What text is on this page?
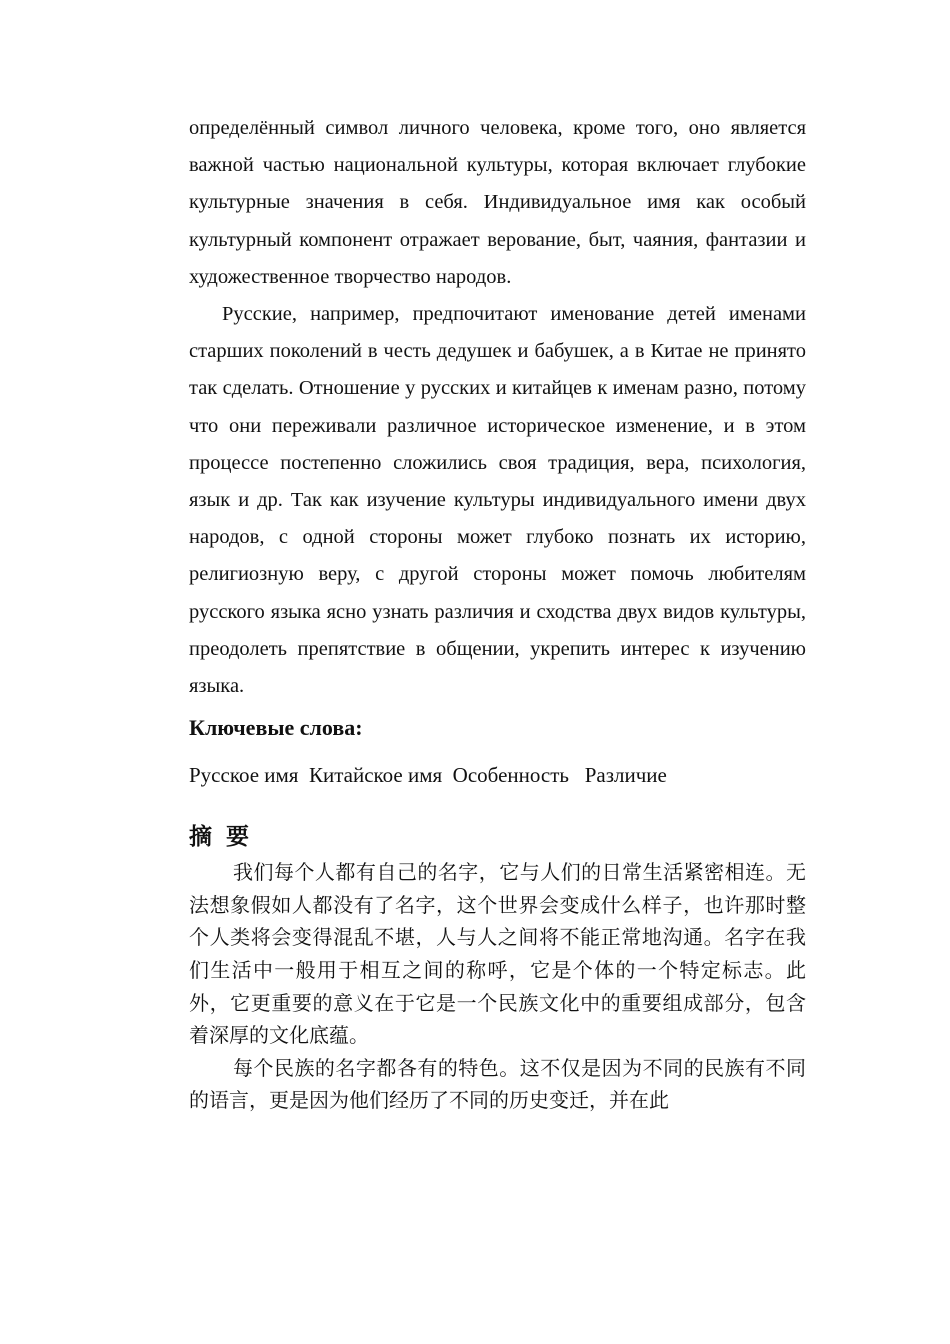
определённый символ личного человека, кроме того, оно является важной частью национальной культуры, которая включает глубокие культурные значения в себя. Индивидуальное имя как особый культурный компонент отражает верование, быт, чаяния, фантазии и художественное творчество народов.

Русские, например, предпочитают именование детей именами старших поколений в честь дедушек и бабушек, а в Китае не принято так сделать. Отношение у русских и китайцев к именам разно, потому что они переживали различное историческое изменение, и в этом процессе постепенно сложились своя традиция, вера, психология, язык и др. Так как изучение культуры индивидуального имени двух народов, с одной стороны может глубоко познать их историю, религиозную веру, с другой стороны может помочь любителям русского языка ясно узнать различия и сходства двух видов культуры, преодолеть препятствие в общении, укрепить интерес к изучению языка.

Ключевые слова:
Русское имя  Китайское имя  Особенность   Различие
摘 要

我们每个人都有自己的名字，它与人们的日常生活紧密相连。无法想象假如人都没有了名字，这个世界会变成什么样子，也许那时整个人类将会变得混乱不堪，人与人之间将不能正常地沟通。名字在我们生活中一般用于相互之间的称呼，它是个体的一个特定标志。此外，它更重要的意义在于它是一个民族文化中的重要组成部分，包含着深厚的文化底蕴。

每个民族的名字都各有的特色。这不仅是因为不同的民族有不同的语言，更是因为他们经历了不同的历史变迁，并在此
